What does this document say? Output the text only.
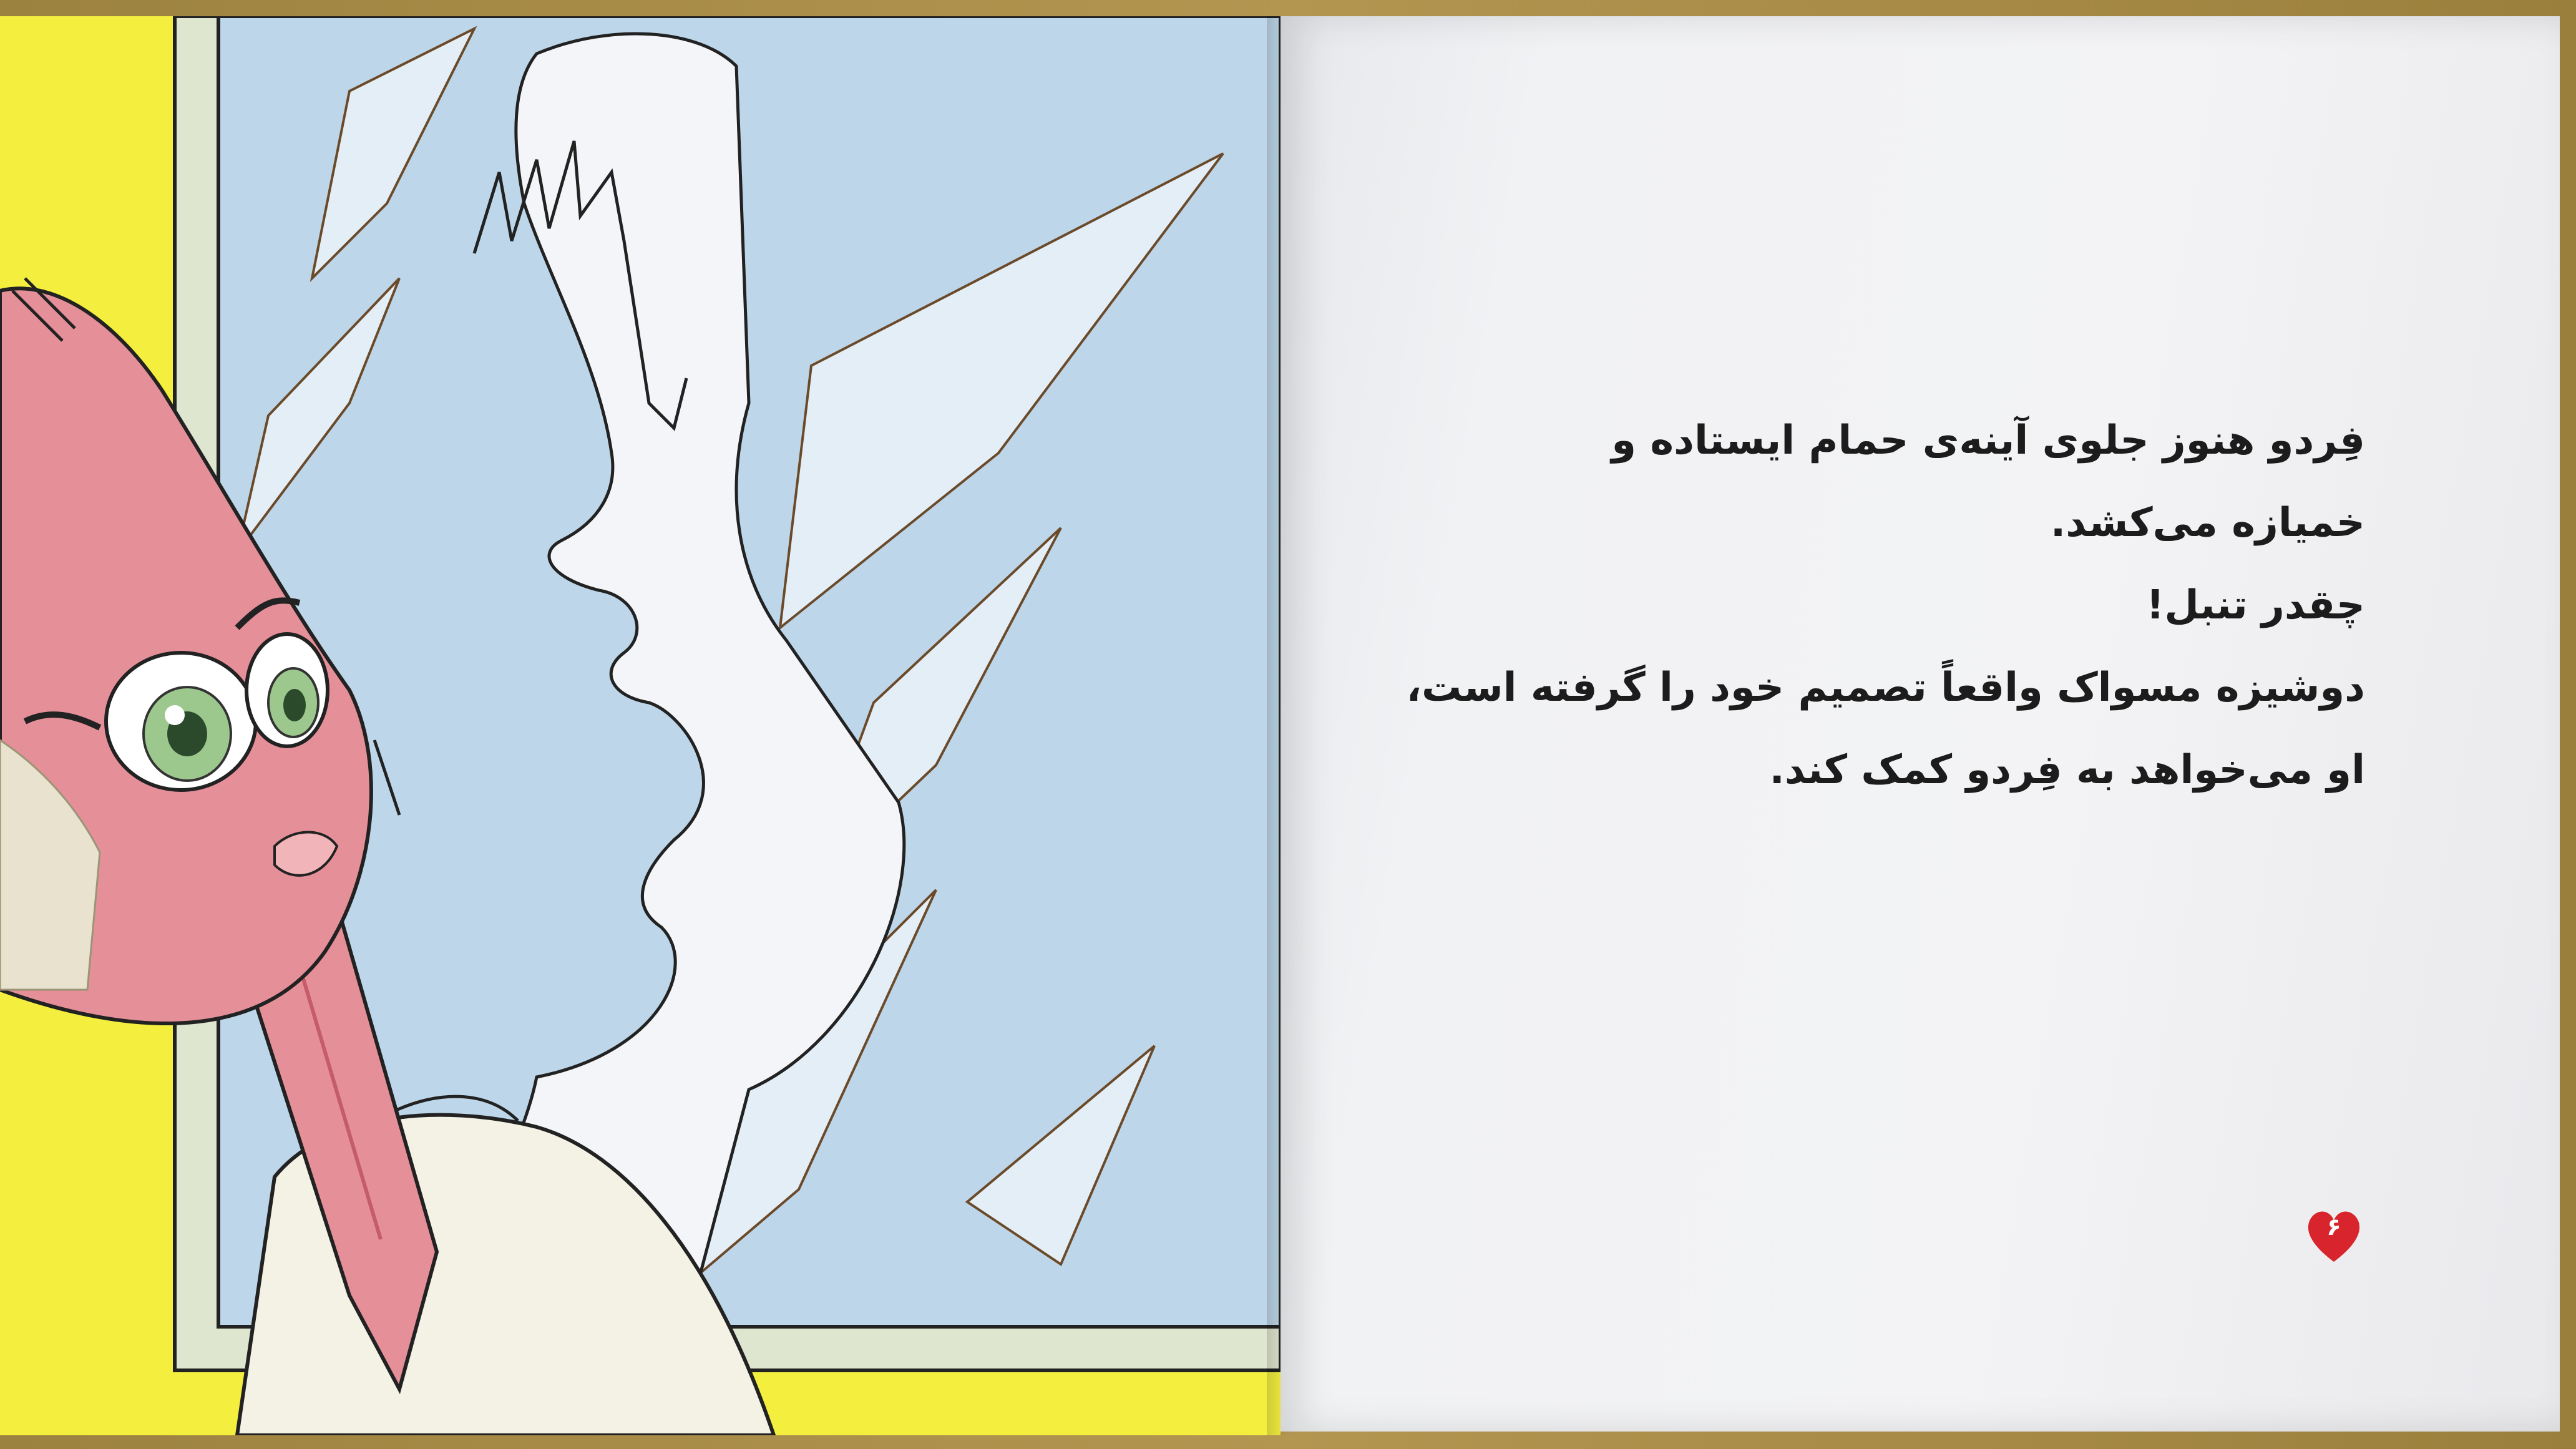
فِردو هنوز جلوی آینه‌ی حمام ایستاده و
خمیازه می‌کشد.
چقدر تنبل!
دوشیزه مسواک واقعاً تصمیم خود را گرفته است،
او می‌خواهد به فِردو کمک کند.
۶
